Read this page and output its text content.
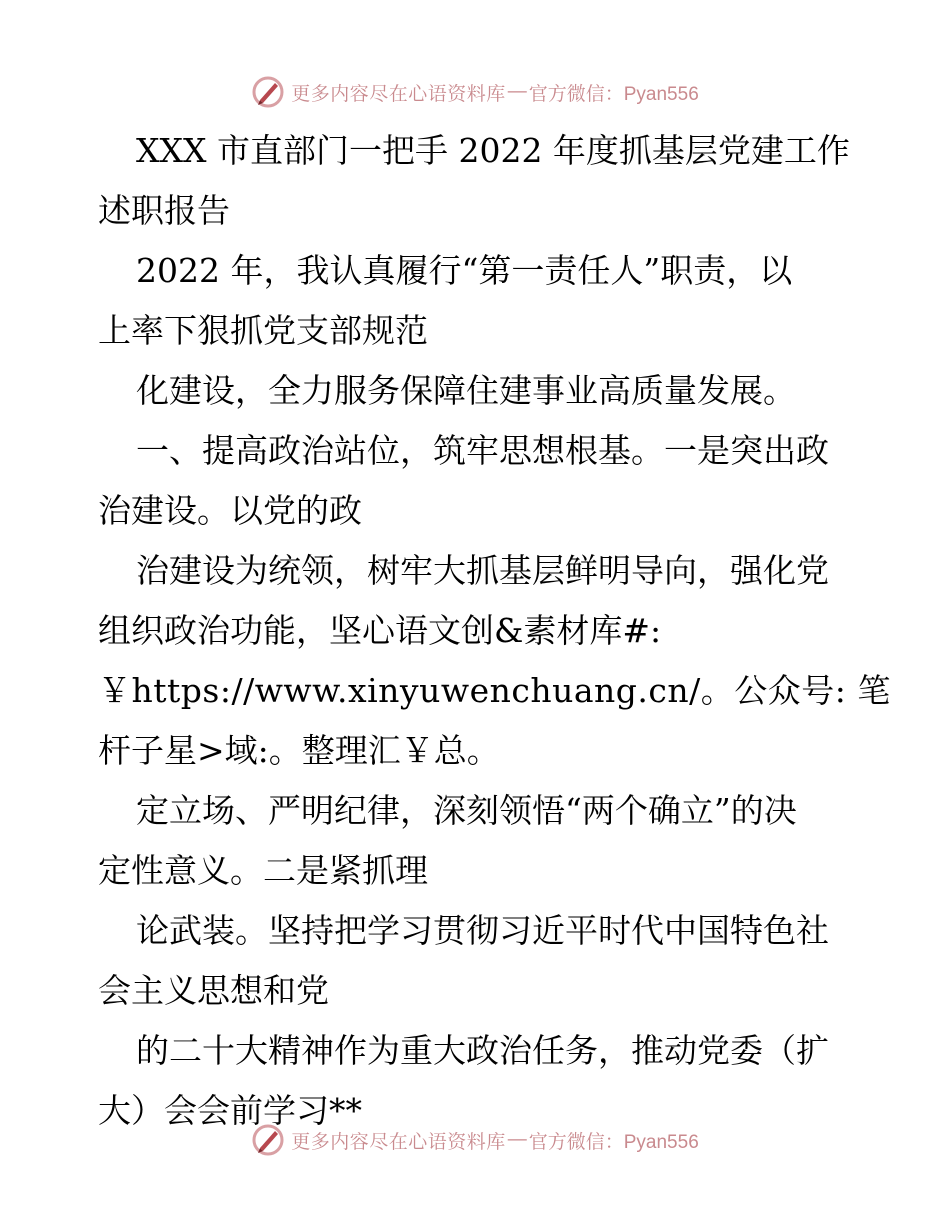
更多内容尽在心语资料库 — 官方微信：Pyan556

XXX 市直部门一把手 2022 年度抓基层党建工作
述职报告

2022 年，我认真履行“第一责任人”职责，以
上率下狠抓党支部规范

化建设，全力服务保障住建事业高质量发展。

一、提高政治站位，筑牢思想根基。一是突出政
治建设。以党的政

治建设为统领，树牢大抓基层鲜明导向，强化党
组织政治功能，坚心语文创&素材库#:

￥https://www.xinyuwenchuang.cn/。公众号: 笔
杆子星>域:。整理汇￥总。

定立场、严明纪律，深刻领悟“两个确立”的决
定性意义。二是紧抓理

论武装。坚持把学习贯彻习近平时代中国特色社
会主义思想和党

的二十大精神作为重大政治任务，推动党委（扩
大）会会前学习**

更多内容尽在心语资料库 — 官方微信：Pyan556
